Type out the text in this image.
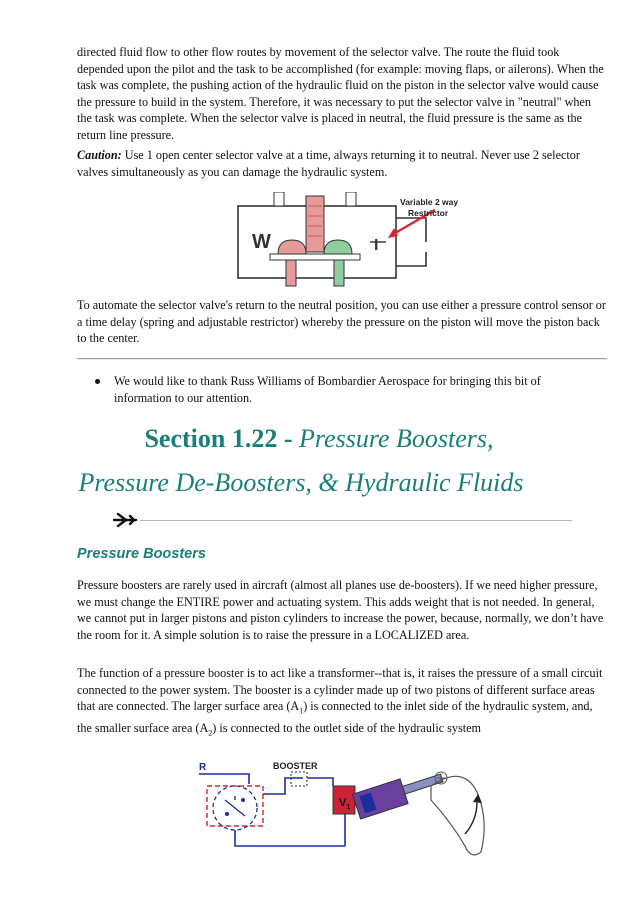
directed fluid flow to other flow routes by movement of the selector valve. The route the fluid took depended upon the pilot and the task to be accomplished (for example: moving flaps, or ailerons). When the task was complete, the pushing action of the hydraulic fluid on the piston in the selector valve would cause the pressure to build in the system. Therefore, it was necessary to put the selector valve in "neutral" when the task was complete. When the selector valve is placed in neutral, the fluid pressure is the same as the return line pressure.

Caution: Use 1 open center selector valve at a time, always returning it to neutral. Never use 2 selector valves simultaneously as you can damage the hydraulic system.

W	I
Variable 2 way
Restrictor

To automate the selector valve's return to the neutral position, you can use either a pressure control sensor or a time delay (spring and adjustable restrictor) whereby the pressure on the piston will move the piston back to the center.

We would like to thank Russ Williams of Bombardier Aerospace for bringing this bit of information to our attention.

Section 1.22 - Pressure Boosters,
Pressure De-Boosters, & Hydraulic Fluids
Pressure Boosters

Pressure boosters are rarely used in aircraft (almost all planes use de-boosters). If we need higher pressure, we must change the ENTIRE power and actuating system. This adds weight that is not needed. In general, we cannot put in larger pistons and piston cylinders to increase the power, because, normally, we don’t have the room for it. A simple solution is to raise the pressure in a LOCALIZED area.

The function of a pressure booster is to act like a transformer--that is, it raises the pressure of a small circuit connected to the power system. The booster is a cylinder made up of two pistons of different surface areas that are connected. The larger surface area $(A_1)$ is connected to the inlet side of the hydraulic system, and, the smaller surface area $(A_2)$ is connected to the outlet side of the hydraulic system

R	BOOSTER
$V_1$
